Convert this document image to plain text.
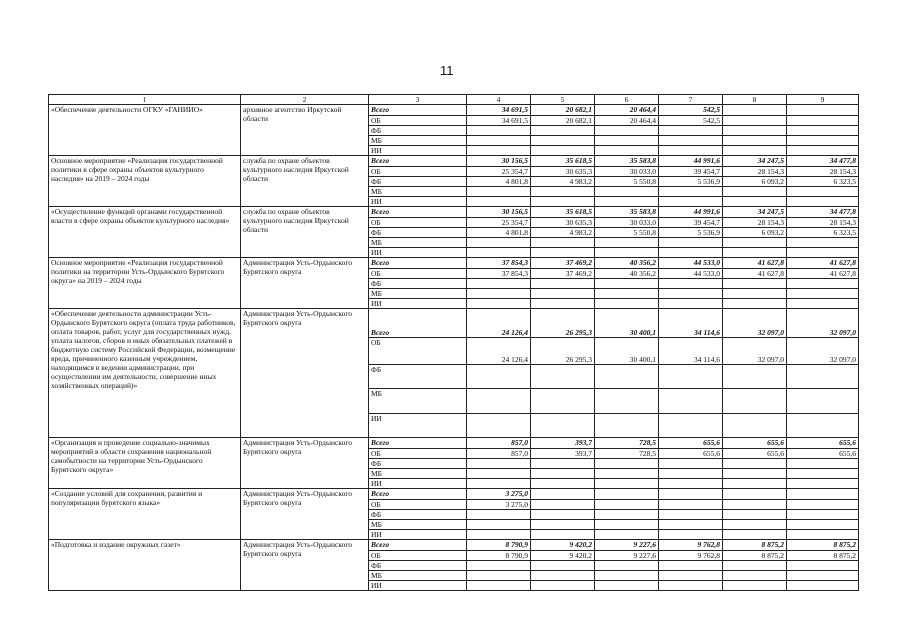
11
1	2	3	4	5	6	7	8	9
«Обеспечение деятельности ОГКУ «ГАНИИО»	архивное агентство Иркутской области	Всего	34 691,5	20 682,1	20 464,4	542,5		
		ОБ	34 691,5	20 682,1	20 464,4	542,5		
		ФБ						
		МБ						
		ИИ						
Основное мероприятие «Реализация государственной политики в сфере охраны объектов культурного наследия» на 2019 – 2024 годы	служба по охране объектов культурного наследия Иркутской области	Всего	30 156,5	35 618,5	35 583,8	44 991,6	34 247,5	34 477,8
		ОБ	25 354,7	30 635,3	30 033,0	39 454,7	28 154,3	28 154,3
		ФБ	4 801,8	4 983,2	5 550,8	5 536,9	6 093,2	6 323,5
		МБ						
		ИИ						
«Осуществление функций органами государственной власти в сфере охраны объектов культурного наследия»	служба по охране объектов культурного наследия Иркутской области	Всего	30 156,5	35 618,5	35 583,8	44 991,6	34 247,5	34 477,8
		ОБ	25 354,7	30 635,3	30 033,0	39 454,7	28 154,3	28 154,3
		ФБ	4 801,8	4 983,2	5 550,8	5 536,9	6 093,2	6 323,5
		МБ						
		ИИ						
Основное мероприятие «Реализация государственной политики на территории Усть-Ордынского Бурятского округа» на 2019 – 2024 годы	Администрация Усть-Ордынского Бурятского округа	Всего	37 854,3	37 469,2	40 356,2	44 533,0	41 627,8	41 627,8
		ОБ	37 854,3	37 469,2	40 356,2	44 533,0	41 627,8	41 627,8
		ФБ						
		МБ						
		ИИ						
«Обеспечение деятельности администрации Усть-Ордынского Бурятского округа (оплата труда работников, оплата товаров, работ, услуг для государственных нужд, уплата налогов, сборов и иных обязательных платежей в бюджетную систему Российской Федерации, возмещение вреда, причиненного казенным учреждением, находящимся в ведении администрации, при осуществлении им деятельности, совершение иных хозяйственных операций)»	Администрация Усть-Ордынского Бурятского округа	Всего	24 126,4	26 295,3	30 400,1	34 114,6	32 097,0	32 097,0
		ОБ	24 126,4	26 295,3	30 400,1	34 114,6	32 097,0	32 097,0
		ФБ						
		МБ						
		ИИ						
«Организация и проведение социально-значимых мероприятий в области сохранения национальной самобытности на территории Усть-Ордынского Бурятского округа»	Администрация Усть-Ордынского Бурятского округа	Всего	857,0	393,7	728,5	655,6	655,6	655,6
		ОБ	857,0	393,7	728,5	655,6	655,6	655,6
		ФБ						
		МБ						
		ИИ						
«Создание условий для сохранения, развития и популяризации бурятского языка»	Администрация Усть-Ордынского Бурятского округа	Всего	3 275,0					
		ОБ	3 275,0					
		ФБ						
		МБ						
		ИИ						
«Подготовка и издание окружных газет»	Администрация Усть-Ордынского Бурятского округа	Всего	8 790,9	9 420,2	9 227,6	9 762,8	8 875,2	8 875,2
		ОБ	8 790,9	9 420,2	9 227,6	9 762,8	8 875,2	8 875,2
		ФБ						
		МБ						
		ИИ						
